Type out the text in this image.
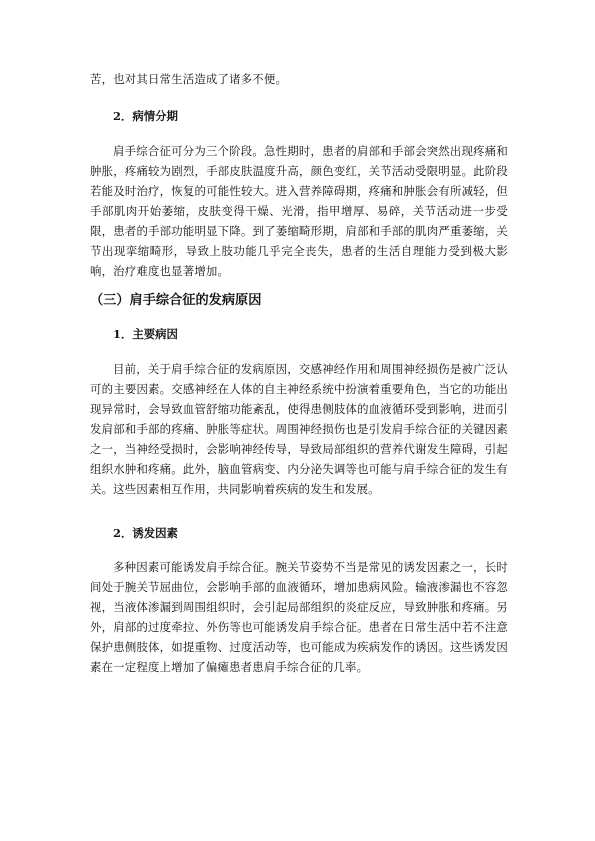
苦，也对其日常生活造成了诸多不便。

2．病情分期

肩手综合征可分为三个阶段。急性期时，患者的肩部和手部会突然出现疼痛和肿胀，疼痛较为剧烈，手部皮肤温度升高，颜色变红，关节活动受限明显。此阶段若能及时治疗，恢复的可能性较大。进入营养障碍期，疼痛和肿胀会有所减轻，但手部肌肉开始萎缩，皮肤变得干燥、光滑，指甲增厚、易碎，关节活动进一步受限，患者的手部功能明显下降。到了萎缩畸形期，肩部和手部的肌肉严重萎缩，关节出现挛缩畸形，导致上肢功能几乎完全丧失，患者的生活自理能力受到极大影响，治疗难度也显著增加。

（三）肩手综合征的发病原因

1．主要病因

目前，关于肩手综合征的发病原因，交感神经作用和周围神经损伤是被广泛认可的主要因素。交感神经在人体的自主神经系统中扮演着重要角色，当它的功能出现异常时，会导致血管舒缩功能紊乱，使得患侧肢体的血液循环受到影响，进而引发肩部和手部的疼痛、肿胀等症状。周围神经损伤也是引发肩手综合征的关键因素之一，当神经受损时，会影响神经传导，导致局部组织的营养代谢发生障碍，引起组织水肿和疼痛。此外，脑血管病变、内分泌失调等也可能与肩手综合征的发生有关。这些因素相互作用，共同影响着疾病的发生和发展。

2．诱发因素

多种因素可能诱发肩手综合征。腕关节姿势不当是常见的诱发因素之一，长时间处于腕关节屈曲位，会影响手部的血液循环，增加患病风险。输液渗漏也不容忽视，当液体渗漏到周围组织时，会引起局部组织的炎症反应，导致肿胀和疼痛。另外，肩部的过度牵拉、外伤等也可能诱发肩手综合征。患者在日常生活中若不注意保护患侧肢体，如提重物、过度活动等，也可能成为疾病发作的诱因。这些诱发因素在一定程度上增加了偏瘫患者患肩手综合征的几率。
